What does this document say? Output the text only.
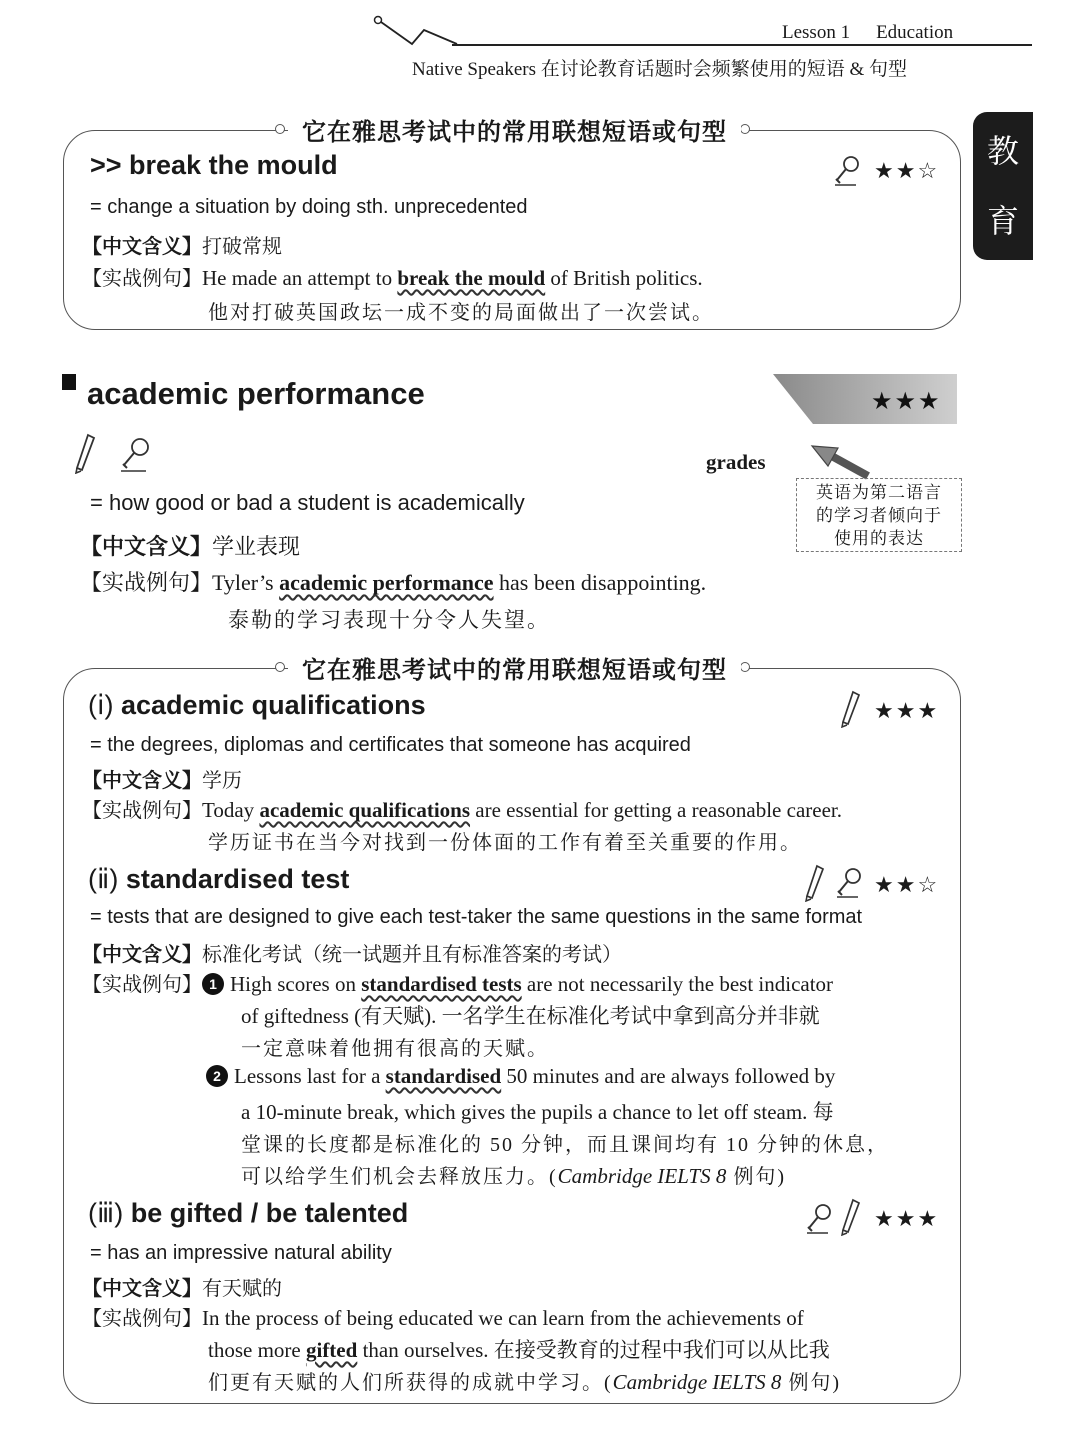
Lesson 1 Education
Native Speakers 在讨论教育话题时会频繁使用的短语 & 句型
教
育
它在雅思考试中的常用联想短语或句型
>> break the mould	★★☆
= change a situation by doing sth. unprecedented
【中文含义】打破常规
【实战例句】He made an attempt to break the mould of British politics.
他对打破英国政坛一成不变的局面做出了一次尝试。
academic performance	★★★
grades
英语为第二语言
的学习者倾向于
使用的表达
= how good or bad a student is academically
【中文含义】学业表现
【实战例句】Tyler’s academic performance has been disappointing.
泰勒的学习表现十分令人失望。
它在雅思考试中的常用联想短语或句型
(ⅰ) academic qualifications	★★★
= the degrees, diplomas and certificates that someone has acquired
【中文含义】学历
【实战例句】Today academic qualifications are essential for getting a reasonable career.
学历证书在当今对找到一份体面的工作有着至关重要的作用。
(ⅱ) standardised test	★★☆
= tests that are designed to give each test-taker the same questions in the same format
【中文含义】标准化考试（统一试题并且有标准答案的考试）
【实战例句】 1 High scores on standardised tests are not necessarily the best indicator
of giftedness (有天赋). 一名学生在标准化考试中拿到高分并非就
一定意味着他拥有很高的天赋。
2 Lessons last for a standardised 50 minutes and are always followed by
a 10-minute break, which gives the pupils a chance to let off steam. 每
堂课的长度都是标准化的 50 分钟，而且课间均有 10 分钟的休息，
可以给学生们机会去释放压力。(Cambridge IELTS 8 例句)
(ⅲ) be gifted / be talented	★★★
= has an impressive natural ability
【中文含义】有天赋的
【实战例句】In the process of being educated we can learn from the achievements of
those more gifted than ourselves. 在接受教育的过程中我们可以从比我
们更有天赋的人们所获得的成就中学习。(Cambridge IELTS 8 例句)
